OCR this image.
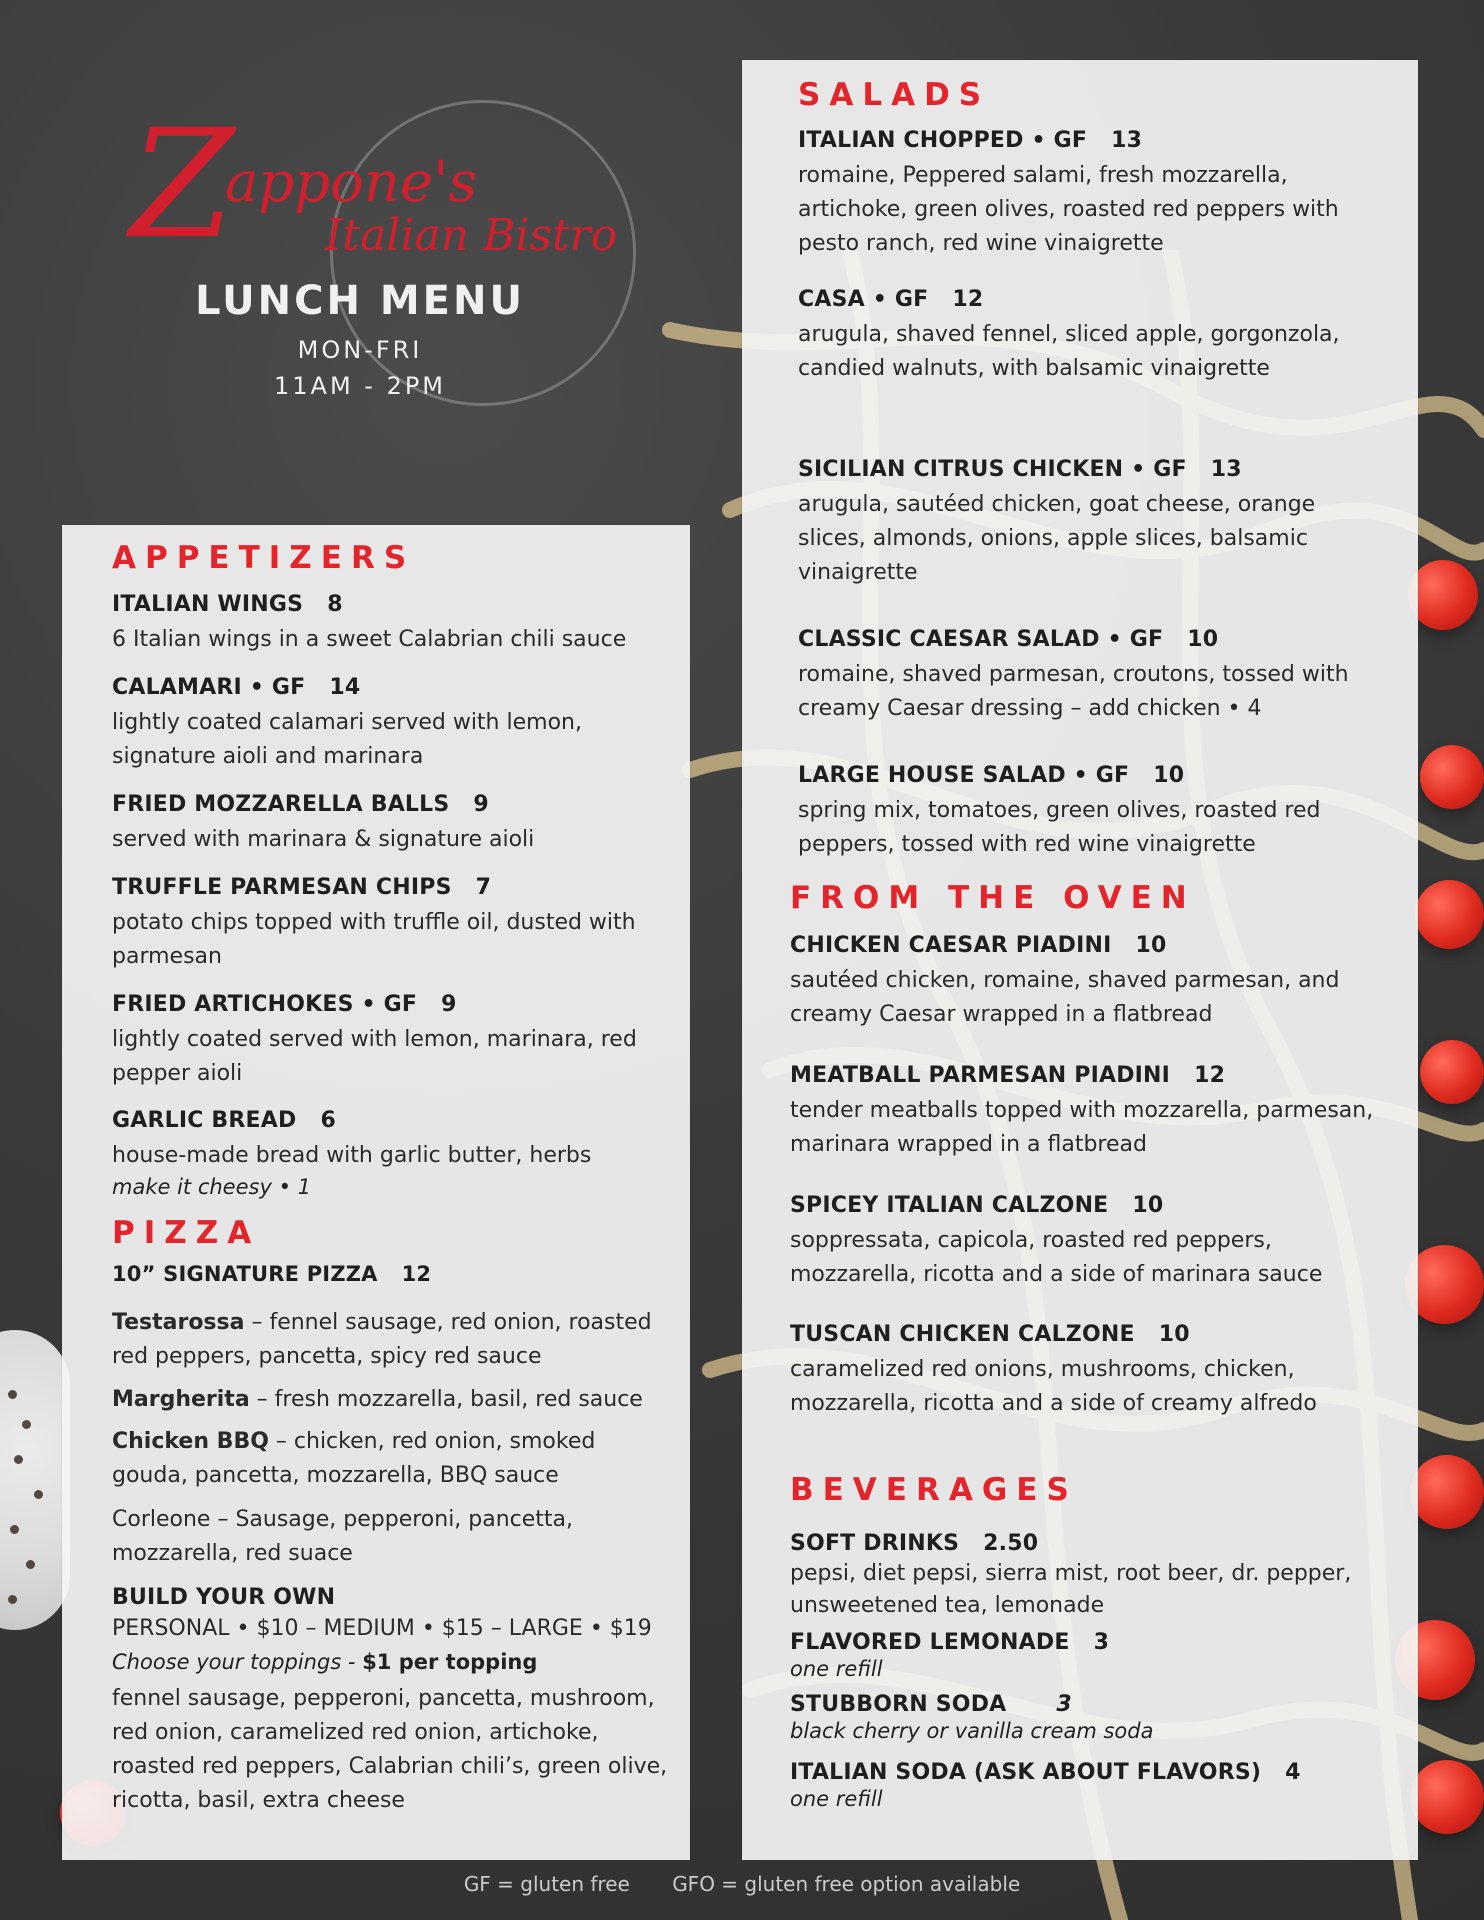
Z
appone's
Italian Bistro
LUNCH MENU
MON-FRI
11AM - 2PM
APPETIZERS
ITALIAN WINGS 8
6 Italian wings in a sweet Calabrian chili sauce
CALAMARI • GF 14
lightly coated calamari served with lemon, signature aioli and marinara
FRIED MOZZARELLA BALLS 9
served with marinara & signature aioli
TRUFFLE PARMESAN CHIPS 7
potato chips topped with truffle oil, dusted with parmesan
FRIED ARTICHOKES • GF 9
lightly coated served with lemon, marinara, red pepper aioli
GARLIC BREAD 6
house-made bread with garlic butter, herbs
make it cheesy • 1
PIZZA
10” SIGNATURE PIZZA 12
Testarossa – fennel sausage, red onion, roasted red peppers, pancetta, spicy red sauce
Margherita – fresh mozzarella, basil, red sauce
Chicken BBQ – chicken, red onion, smoked gouda, pancetta, mozzarella, BBQ sauce
Corleone – Sausage, pepperoni, pancetta, mozzarella, red suace
BUILD YOUR OWN
PERSONAL • $10 – MEDIUM • $15 – LARGE • $19
Choose your toppings - $1 per topping
fennel sausage, pepperoni, pancetta, mushroom, red onion, caramelized red onion, artichoke, roasted red peppers, Calabrian chili’s, green olive, ricotta, basil, extra cheese
SALADS
ITALIAN CHOPPED • GF 13
romaine, Peppered salami, fresh mozzarella, artichoke, green olives, roasted red peppers with pesto ranch, red wine vinaigrette
CASA • GF 12
arugula, shaved fennel, sliced apple, gorgonzola, candied walnuts, with balsamic vinaigrette
SICILIAN CITRUS CHICKEN • GF 13
arugula, sautéed chicken, goat cheese, orange slices, almonds, onions, apple slices, balsamic vinaigrette
CLASSIC CAESAR SALAD • GF 10
romaine, shaved parmesan, croutons, tossed with creamy Caesar dressing – add chicken • 4
LARGE HOUSE SALAD • GF 10
spring mix, tomatoes, green olives, roasted red peppers, tossed with red wine vinaigrette
FROM THE OVEN
CHICKEN CAESAR PIADINI 10
sautéed chicken, romaine, shaved parmesan, and creamy Caesar wrapped in a flatbread
MEATBALL PARMESAN PIADINI 12
tender meatballs topped with mozzarella, parmesan, marinara wrapped in a flatbread
SPICEY ITALIAN CALZONE 10
soppressata, capicola, roasted red peppers, mozzarella, ricotta and a side of marinara sauce
TUSCAN CHICKEN CALZONE 10
caramelized red onions, mushrooms, chicken, mozzarella, ricotta and a side of creamy alfredo
BEVERAGES
SOFT DRINKS 2.50
pepsi, diet pepsi, sierra mist, root beer, dr. pepper, unsweetened tea, lemonade
FLAVORED LEMONADE 3
one refill
STUBBORN SODA 3
black cherry or vanilla cream soda
ITALIAN SODA (ASK ABOUT FLAVORS) 4
one refill
GF = gluten free GFO = gluten free option available
